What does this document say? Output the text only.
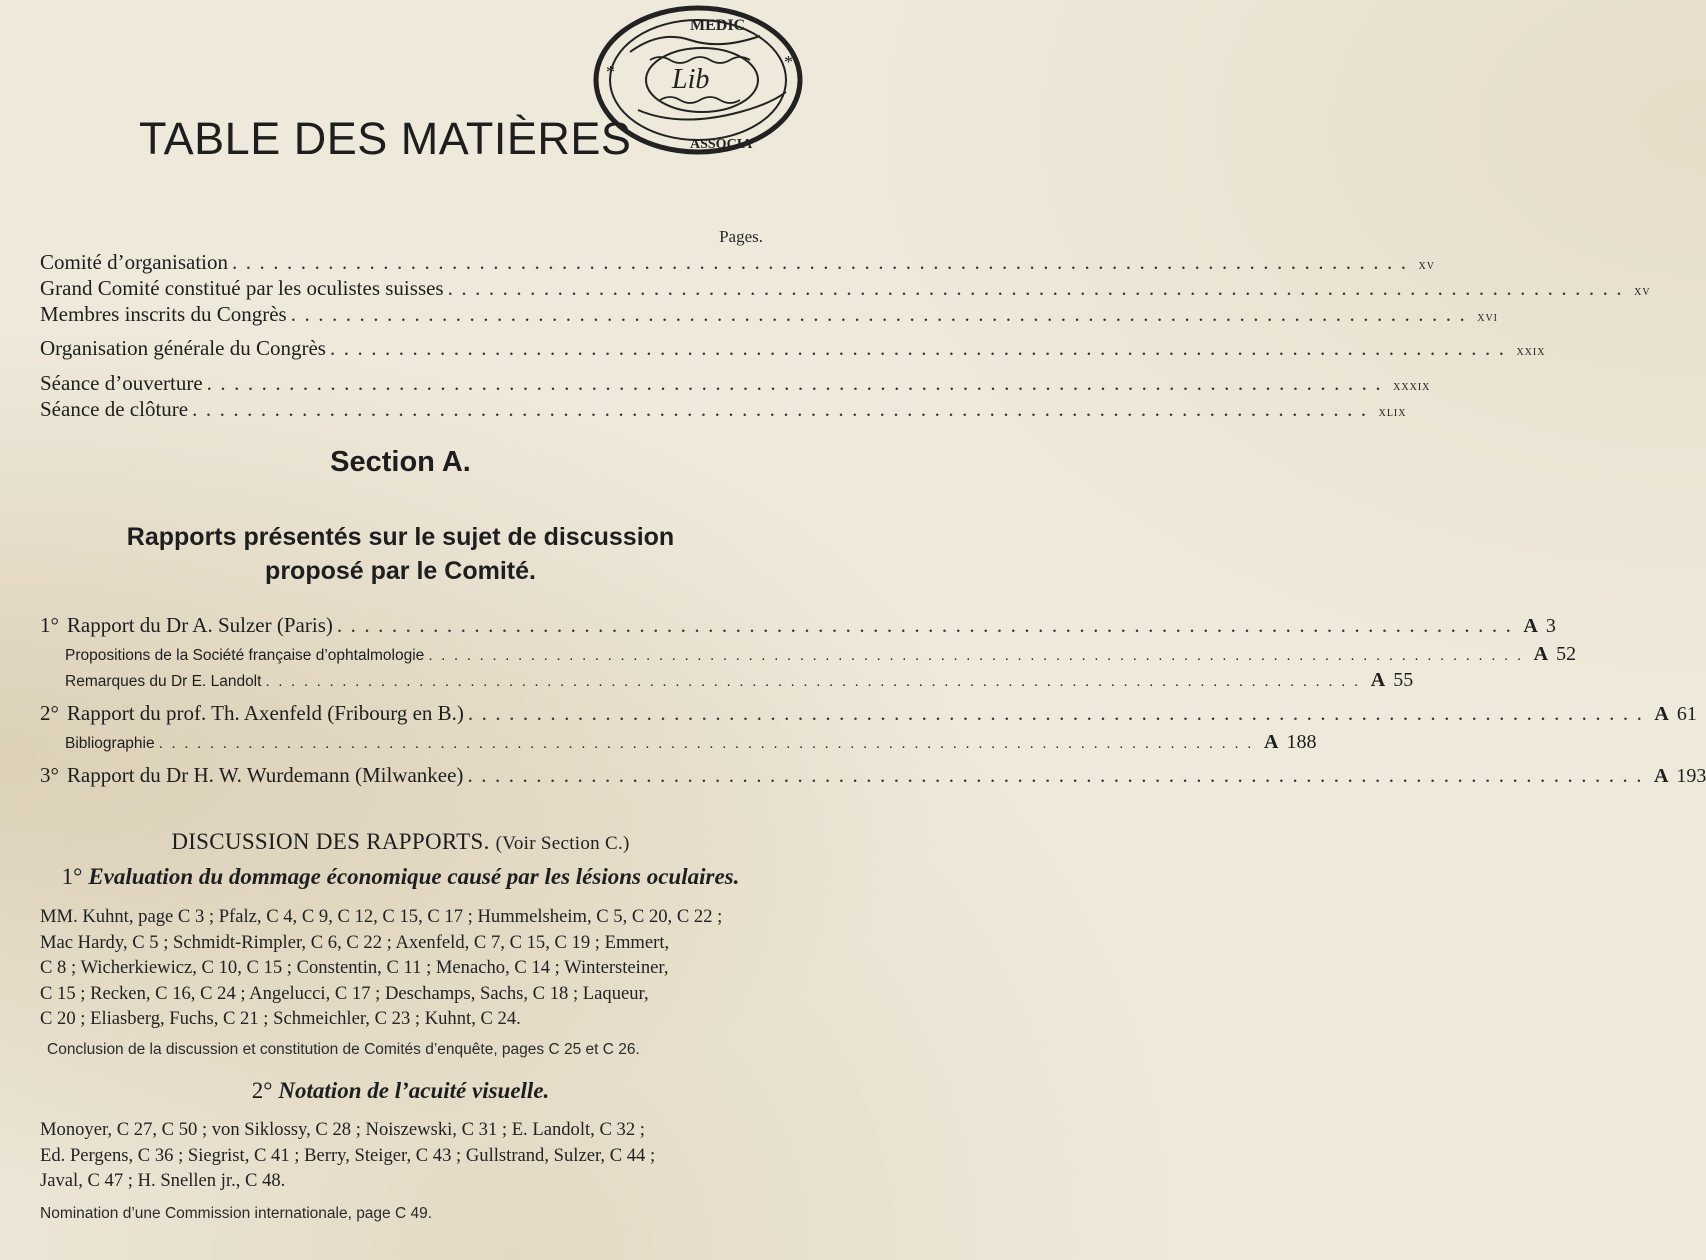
MEDIC
Lib
ASSOCIA
*	*
TABLE DES MATIÈRES
Pages.
Comité d’organisation ...................................................................................... xv
Grand Comité constitué par les oculistes suisses ...................................................................................... xv
Membres inscrits du Congrès ...................................................................................... xvi
Organisation générale du Congrès ...................................................................................... xxix
Séance d’ouverture ...................................................................................... xxxix
Séance de clôture ...................................................................................... xlix
Section A.
Rapports présentés sur le sujet de discussion
proposé par le Comité.
1° Rapport du Dr A. Sulzer (Paris) ...................................................................................... A 3
Propositions de la Société française d’ophtalmologie ...................................................................................... A 52
Remarques du Dr E. Landolt ...................................................................................... A 55
2° Rapport du prof. Th. Axenfeld (Fribourg en B.) ...................................................................................... A 61
Bibliographie ...................................................................................... A 188
3° Rapport du Dr H. W. Wurdemann (Milwankee) ...................................................................................... A 193
DISCUSSION DES RAPPORTS. (Voir Section C.)
1° Evaluation du dommage économique causé par les lésions oculaires.

MM. Kuhnt, page C 3 ; Pfalz, C 4, C 9, C 12, C 15, C 17 ; Hummelsheim, C 5, C 20, C 22 ;
Mac Hardy, C 5 ; Schmidt-Rimpler, C 6, C 22 ; Axenfeld, C 7, C 15, C 19 ; Emmert,
C 8 ; Wicherkiewicz, C 10, C 15 ; Constentin, C 11 ; Menacho, C 14 ; Wintersteiner,
C 15 ; Recken, C 16, C 24 ; Angelucci, C 17 ; Deschamps, Sachs, C 18 ; Laqueur,
C 20 ; Eliasberg, Fuchs, C 21 ; Schmeichler, C 23 ; Kuhnt, C 24.

Conclusion de la discussion et constitution de Comités d’enquête, pages C 25 et C 26.
2° Notation de l’acuité visuelle.

Monoyer, C 27, C 50 ; von Siklossy, C 28 ; Noiszewski, C 31 ; E. Landolt, C 32 ;
Ed. Pergens, C 36 ; Siegrist, C 41 ; Berry, Steiger, C 43 ; Gullstrand, Sulzer, C 44 ;
Javal, C 47 ; H. Snellen jr., C 48.

Nomination d’une Commission internationale, page C 49.
